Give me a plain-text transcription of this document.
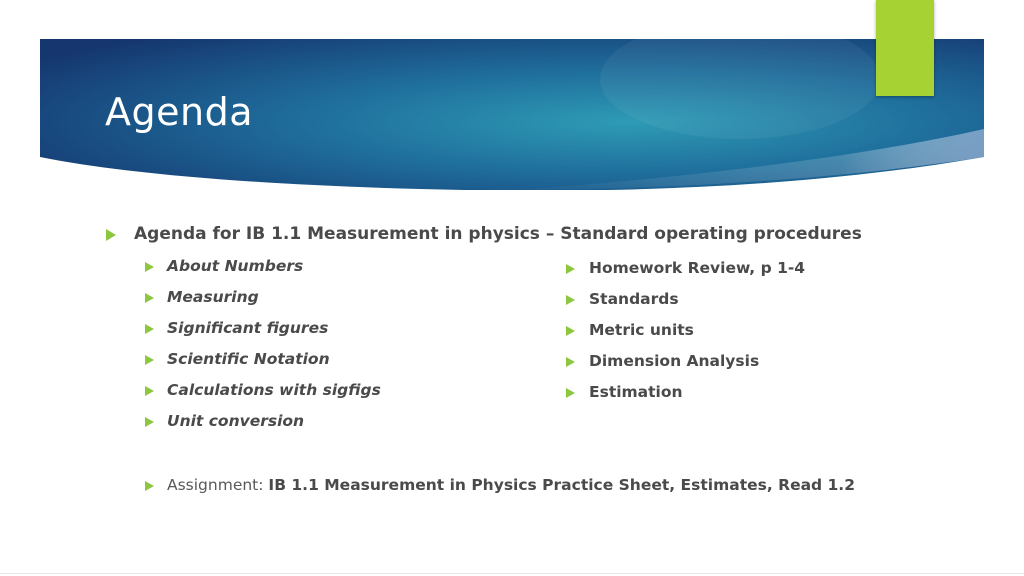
Agenda
Agenda for IB 1.1 Measurement in physics – Standard operating procedures
About Numbers
Measuring
Significant figures
Scientific Notation
Calculations with sigfigs
Unit conversion
Homework Review, p 1-4
Standards
Metric units
Dimension Analysis
Estimation
Assignment: IB 1.1 Measurement in Physics Practice Sheet, Estimates, Read 1.2
